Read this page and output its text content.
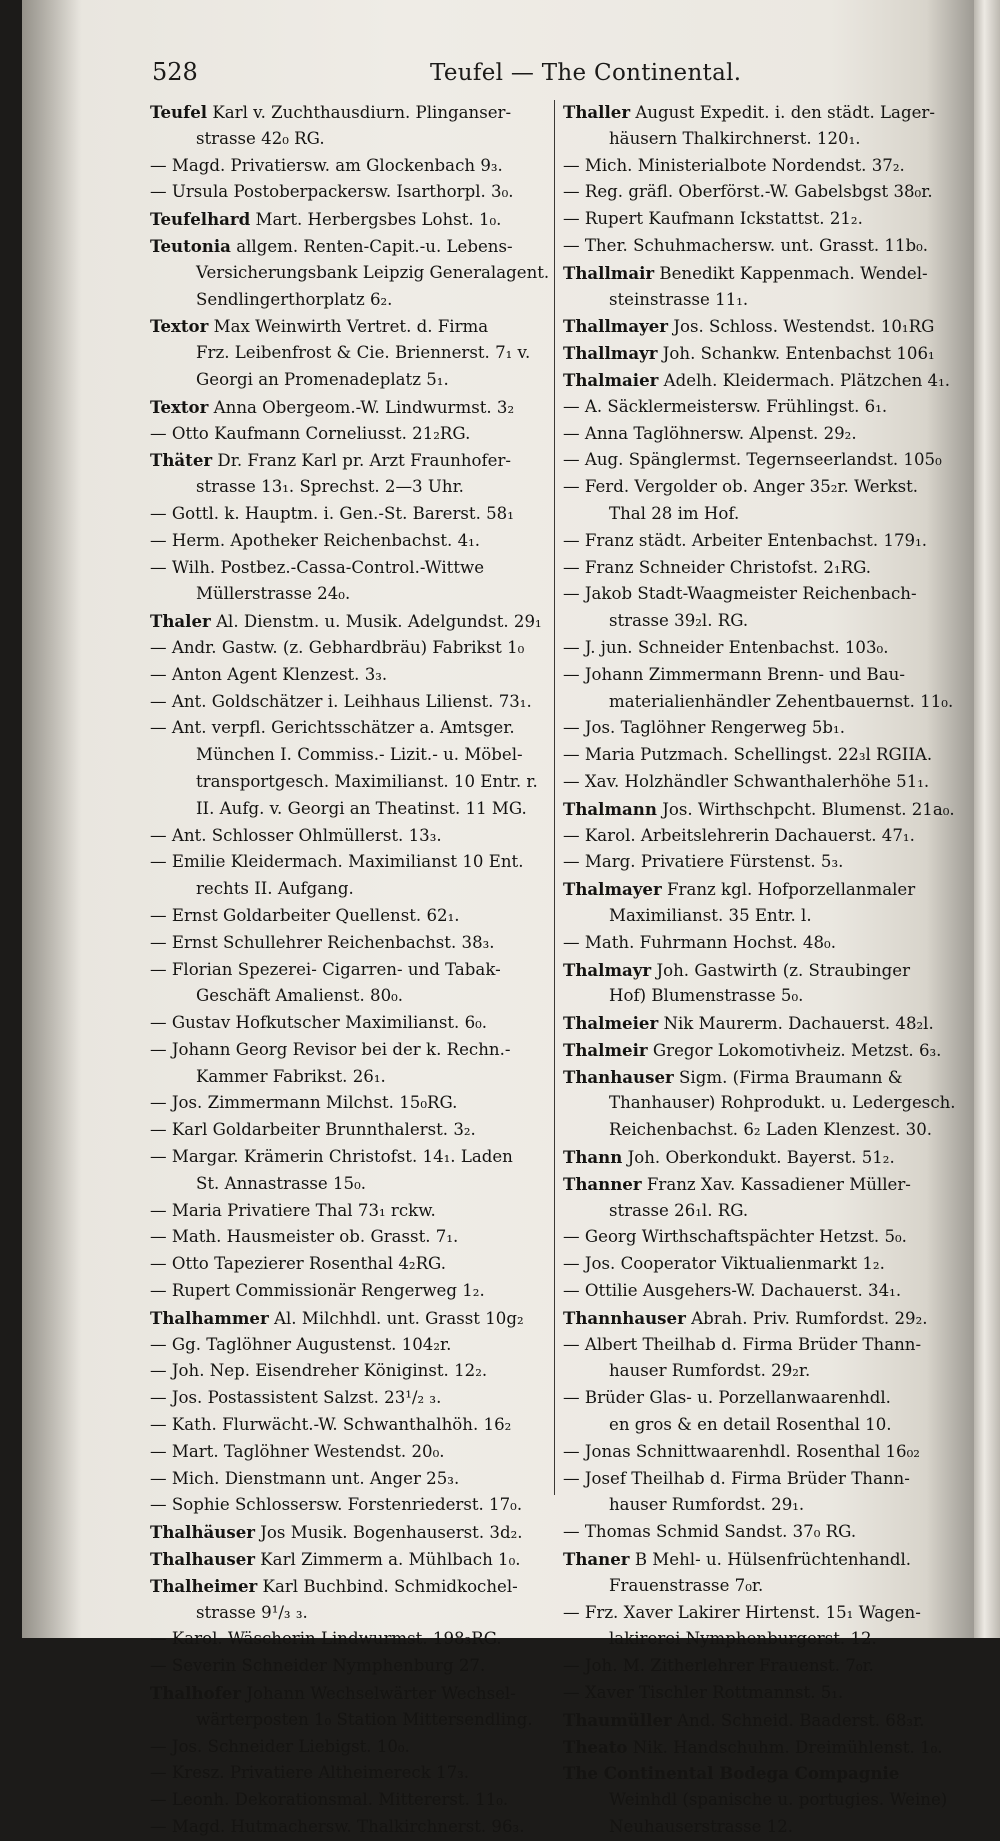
528	Teufel — The Continental.
Teufel Karl v. Zuchthausdiurn. Plinganser-
strasse 42₀ RG.
— Magd. Privatiersw. am Glockenbach 9₃.
— Ursula Postoberpackersw. Isarthorpl. 3₀.
Teufelhard Mart. Herbergsbes Lohst. 1₀.
Teutonia allgem. Renten-Capit.-u. Lebens-
Versicherungsbank Leipzig Generalagent.
Sendlingerthorplatz 6₂.
Textor Max Weinwirth Vertret. d. Firma
Frz. Leibenfrost & Cie. Briennerst. 7₁ v.
Georgi an Promenadeplatz 5₁.
Textor Anna Obergeom.-W. Lindwurmst. 3₂
— Otto Kaufmann Corneliusst. 21₂RG.
Thäter Dr. Franz Karl pr. Arzt Fraunhofer-
strasse 13₁. Sprechst. 2—3 Uhr.
— Gottl. k. Hauptm. i. Gen.-St. Barerst. 58₁
— Herm. Apotheker Reichenbachst. 4₁.
— Wilh. Postbez.-Cassa-Control.-Wittwe
Müllerstrasse 24₀.
Thaler Al. Dienstm. u. Musik. Adelgundst. 29₁
— Andr. Gastw. (z. Gebhardbräu) Fabrikst 1₀
— Anton Agent Klenzest. 3₃.
— Ant. Goldschätzer i. Leihhaus Lilienst. 73₁.
— Ant. verpfl. Gerichtsschätzer a. Amtsger.
München I. Commiss.- Lizit.- u. Möbel-
transportgesch. Maximilianst. 10 Entr. r.
II. Aufg. v. Georgi an Theatinst. 11 MG.
— Ant. Schlosser Ohlmüllerst. 13₃.
— Emilie Kleidermach. Maximilianst 10 Ent.
rechts II. Aufgang.
— Ernst Goldarbeiter Quellenst. 62₁.
— Ernst Schullehrer Reichenbachst. 38₃.
— Florian Spezerei- Cigarren- und Tabak-
Geschäft Amalienst. 80₀.
— Gustav Hofkutscher Maximilianst. 6₀.
— Johann Georg Revisor bei der k. Rechn.-
Kammer Fabrikst. 26₁.
— Jos. Zimmermann Milchst. 15₀RG.
— Karl Goldarbeiter Brunnthalerst. 3₂.
— Margar. Krämerin Christofst. 14₁. Laden
St. Annastrasse 15₀.
— Maria Privatiere Thal 73₁ rckw.
— Math. Hausmeister ob. Grasst. 7₁.
— Otto Tapezierer Rosenthal 4₂RG.
— Rupert Commissionär Rengerweg 1₂.
Thalhammer Al. Milchhdl. unt. Grasst 10g₂
— Gg. Taglöhner Augustenst. 104₂r.
— Joh. Nep. Eisendreher Königinst. 12₂.
— Jos. Postassistent Salzst. 23¹/₂ ₃.
— Kath. Flurwächt.-W. Schwanthalhöh. 16₂
— Mart. Taglöhner Westendst. 20₀.
— Mich. Dienstmann unt. Anger 25₃.
— Sophie Schlossersw. Forstenriederst. 17₀.
Thalhäuser Jos Musik. Bogenhauserst. 3d₂.
Thalhauser Karl Zimmerm a. Mühlbach 1₀.
Thalheimer Karl Buchbind. Schmidkochel-
strasse 9¹/₃ ₃.
— Karol. Wäscherin Lindwurmst. 198₃RG.
— Severin Schneider Nymphenburg 27.
Thalhofer Johann Wechselwärter Wechsel-
wärterposten 1₀ Station Mittersendling.
— Jos. Schneider Liebigst. 10₀.
— Kresz. Privatiere Altheimereck 17₃.
— Leonh. Dekorationsmal. Mittererst. 11₀.
— Magd. Hutmachersw. Thalkirchnerst. 96₃.
Thaller August Expedit. i. den städt. Lager-
häusern Thalkirchnerst. 120₁.
— Mich. Ministerialbote Nordendst. 37₂.
— Reg. gräfl. Oberförst.-W. Gabelsbgst 38₀r.
— Rupert Kaufmann Ickstattst. 21₂.
— Ther. Schuhmachersw. unt. Grasst. 11b₀.
Thallmair Benedikt Kappenmach. Wendel-
steinstrasse 11₁.
Thallmayer Jos. Schloss. Westendst. 10₁RG
Thallmayr Joh. Schankw. Entenbachst 106₁
Thalmaier Adelh. Kleidermach. Plätzchen 4₁.
— A. Säcklermeistersw. Frühlingst. 6₁.
— Anna Taglöhnersw. Alpenst. 29₂.
— Aug. Spänglermst. Tegernseerlandst. 105₀
— Ferd. Vergolder ob. Anger 35₂r. Werkst.
Thal 28 im Hof.
— Franz städt. Arbeiter Entenbachst. 179₁.
— Franz Schneider Christofst. 2₁RG.
— Jakob Stadt-Waagmeister Reichenbach-
strasse 39₂l. RG.
— J. jun. Schneider Entenbachst. 103₀.
— Johann Zimmermann Brenn- und Bau-
materialienhändler Zehentbauernst. 11₀.
— Jos. Taglöhner Rengerweg 5b₁.
— Maria Putzmach. Schellingst. 22₃l RGIIA.
— Xav. Holzhändler Schwanthalerhöhe 51₁.
Thalmann Jos. Wirthschpcht. Blumenst. 21a₀.
— Karol. Arbeitslehrerin Dachauerst. 47₁.
— Marg. Privatiere Fürstenst. 5₃.
Thalmayer Franz kgl. Hofporzellanmaler
Maximilianst. 35 Entr. l.
— Math. Fuhrmann Hochst. 48₀.
Thalmayr Joh. Gastwirth (z. Straubinger
Hof) Blumenstrasse 5₀.
Thalmeier Nik Maurerm. Dachauerst. 48₂l.
Thalmeir Gregor Lokomotivheiz. Metzst. 6₃.
Thanhauser Sigm. (Firma Braumann &
Thanhauser) Rohprodukt. u. Ledergesch.
Reichenbachst. 6₂ Laden Klenzest. 30.
Thann Joh. Oberkondukt. Bayerst. 51₂.
Thanner Franz Xav. Kassadiener Müller-
strasse 26₁l. RG.
— Georg Wirthschaftspächter Hetzst. 5₀.
— Jos. Cooperator Viktualienmarkt 1₂.
— Ottilie Ausgehers-W. Dachauerst. 34₁.
Thannhauser Abrah. Priv. Rumfordst. 29₂.
— Albert Theilhab d. Firma Brüder Thann-
hauser Rumfordst. 29₂r.
— Brüder Glas- u. Porzellanwaarenhdl.
en gros & en detail Rosenthal 10.
— Jonas Schnittwaarenhdl. Rosenthal 16₀₂
— Josef Theilhab d. Firma Brüder Thann-
hauser Rumfordst. 29₁.
— Thomas Schmid Sandst. 37₀ RG.
Thaner B Mehl- u. Hülsenfrüchtenhandl.
Frauenstrasse 7₀r.
— Frz. Xaver Lakirer Hirtenst. 15₁ Wagen-
lakirerei Nymphenburgerst. 12.
— Joh. M. Zitherlehrer Frauenst. 7₀r.
— Xaver Tischler Rottmannst. 5₁.
Thaumüller And. Schneid. Baaderst. 68₃r.
Theato Nik. Handschuhm. Dreimühlenst. 1₀.
The Continental Bodega Compagnie
Weinhdl (spanische u. portugies. Weine)
Neuhauserstrasse 12.
